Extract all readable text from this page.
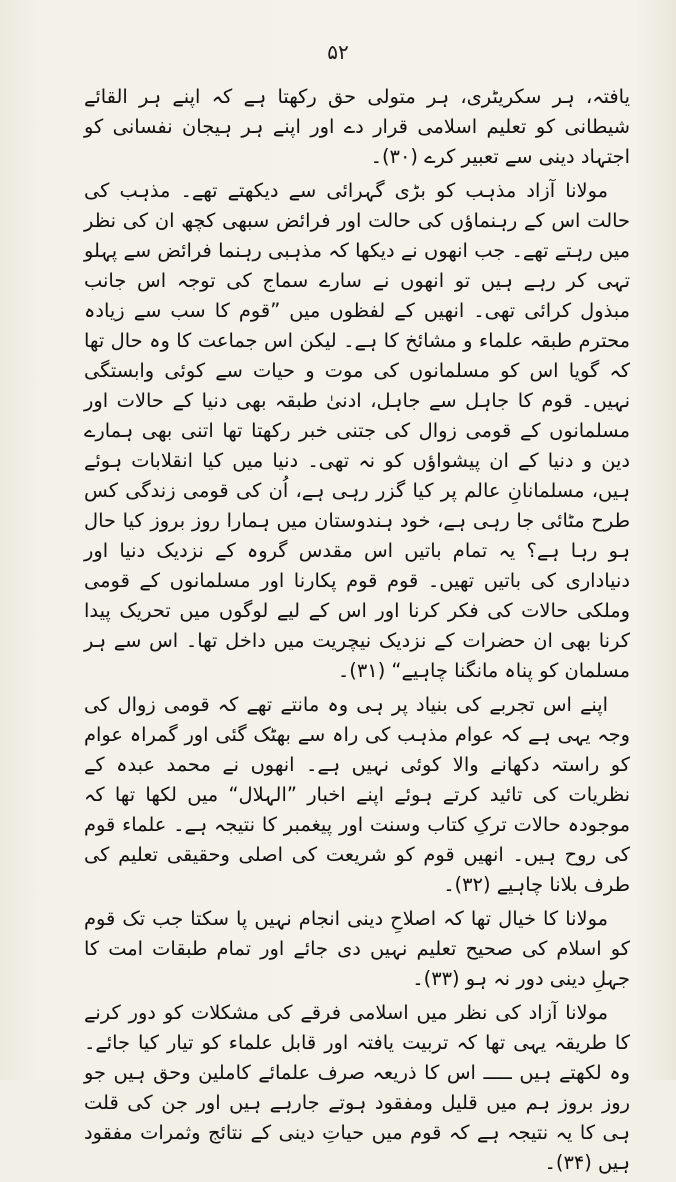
۵۲

یافتہ، ہر سکریٹری، ہر متولی حق رکھتا ہے کہ اپنے ہر القائے شیطانی کو تعلیم اسلامی قرار دے اور اپنے ہر ہیجان نفسانی کو اجتہاد دینی سے تعبیر کرے (۳۰)۔

مولانا آزاد مذہب کو بڑی گہرائی سے دیکھتے تھے۔ مذہب کی حالت اس کے رہنماؤں کی حالت اور فرائض سبھی کچھ ان کی نظر میں رہتے تھے۔ جب انھوں نے دیکھا کہ مذہبی رہنما فرائض سے پہلو تہی کر رہے ہیں تو انھوں نے سارے سماج کی توجہ اس جانب مبذول کرائی تھی۔ انھیں کے لفظوں میں ”قوم کا سب سے زیادہ محترم طبقہ علماء و مشائخ کا ہے۔ لیکن اس جماعت کا وہ حال تھا کہ گویا اس کو مسلمانوں کی موت و حیات سے کوئی وابستگی نہیں۔ قوم کا جاہل سے جاہل، ادنیٰ طبقہ بھی دنیا کے حالات اور مسلمانوں کے قومی زوال کی جتنی خبر رکھتا تھا اتنی بھی ہمارے دین و دنیا کے ان پیشواؤں کو نہ تھی۔ دنیا میں کیا انقلابات ہوئے ہیں، مسلمانانِ عالم پر کیا گزر رہی ہے، اُن کی قومی زندگی کس طرح مٹائی جا رہی ہے، خود ہندوستان میں ہمارا روز بروز کیا حال ہو رہا ہے؟ یہ تمام باتیں اس مقدس گروہ کے نزدیک دنیا اور دنیاداری کی باتیں تھیں۔ قوم قوم پکارنا اور مسلمانوں کے قومی وملکی حالات کی فکر کرنا اور اس کے لیے لوگوں میں تحریک پیدا کرنا بھی ان حضرات کے نزدیک نیچریت میں داخل تھا۔ اس سے ہر مسلمان کو پناہ مانگنا چاہیے“ (۳۱)۔

اپنے اس تجربے کی بنیاد پر ہی وہ مانتے تھے کہ قومی زوال کی وجہ یہی ہے کہ عوام مذہب کی راہ سے بھٹک گئی اور گمراہ عوام کو راستہ دکھانے والا کوئی نہیں ہے۔ انھوں نے محمد عبدہ کے نظریات کی تائید کرتے ہوئے اپنے اخبار ”الہلال“ میں لکھا تھا کہ موجودہ حالات ترکِ کتاب وسنت اور پیغمبر کا نتیجہ ہے۔ علماء قوم کی روح ہیں۔ انھیں قوم کو شریعت کی اصلی وحقیقی تعلیم کی طرف بلانا چاہیے (۳۲)۔

مولانا کا خیال تھا کہ اصلاحِ دینی انجام نہیں پا سکتا جب تک قوم کو اسلام کی صحیح تعلیم نہیں دی جائے اور تمام طبقات امت کا جہلِ دینی دور نہ ہو (۳۳)۔

مولانا آزاد کی نظر میں اسلامی فرقے کی مشکلات کو دور کرنے کا طریقہ یہی تھا کہ تربیت یافتہ اور قابل علماء کو تیار کیا جائے۔ وہ لکھتے ہیں ـــــ اس کا ذریعہ صرف علمائے کاملین وحق ہیں جو روز بروز ہم میں قلیل ومفقود ہوتے جارہے ہیں اور جن کی قلت ہی کا یہ نتیجہ ہے کہ قوم میں حیاتِ دینی کے نتائج وثمرات مفقود ہیں (۳۴)۔
